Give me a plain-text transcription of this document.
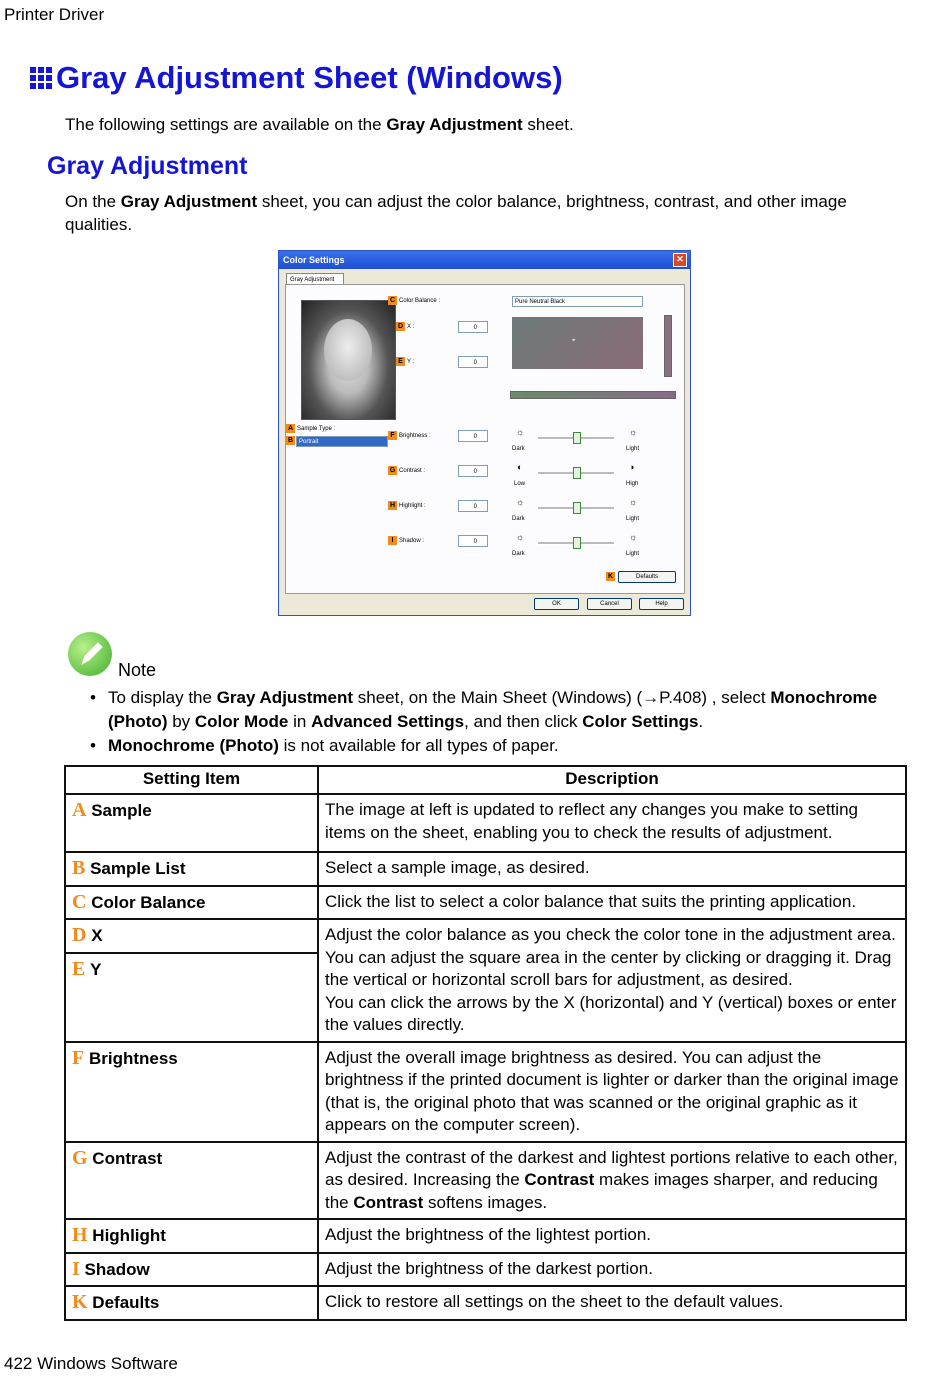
Printer Driver
Gray Adjustment Sheet (Windows)
The following settings are available on the Gray Adjustment sheet.
Gray Adjustment
On the Gray Adjustment sheet, you can adjust the color balance, brightness, contrast, and other image qualities.
Color Settings	✕
Gray Adjustment
A Sample Type :
B Portrait
C Color Balance :	Pure Neutral Black
D X :	0
E Y :	0
⌖
F Brightness :	0	☼	☼
Dark	Light
G Contrast :	0	◐	◑
Low	High
H Highlight :	0	☼	☼
Dark	Light
I Shadow :	0	☼	☼
Dark	Light
K	Defaults
OK	Cancel	Help
Note
• To display the Gray Adjustment sheet, on the Main Sheet (Windows) (→P.408) , select Monochrome (Photo) by Color Mode in Advanced Settings, and then click Color Settings.
• Monochrome (Photo) is not available for all types of paper.
Setting Item	Description
A Sample	The image at left is updated to reflect any changes you make to setting items on the sheet, enabling you to check the results of adjustment.
B Sample List	Select a sample image, as desired.
C Color Balance	Click the list to select a color balance that suits the printing application.
D X	Adjust the color balance as you check the color tone in the adjustment area. You can adjust the square area in the center by clicking or dragging it. Drag the vertical or horizontal scroll bars for adjustment, as desired.
You can click the arrows by the X (horizontal) and Y (vertical) boxes or enter the values directly.
E Y	
F Brightness	Adjust the overall image brightness as desired. You can adjust the brightness if the printed document is lighter or darker than the original image (that is, the original photo that was scanned or the original graphic as it appears on the computer screen).
G Contrast	Adjust the contrast of the darkest and lightest portions relative to each other, as desired. Increasing the Contrast makes images sharper, and reducing the Contrast softens images.
H Highlight	Adjust the brightness of the lightest portion.
I Shadow	Adjust the brightness of the darkest portion.
K Defaults	Click to restore all settings on the sheet to the default values.
422 Windows Software
